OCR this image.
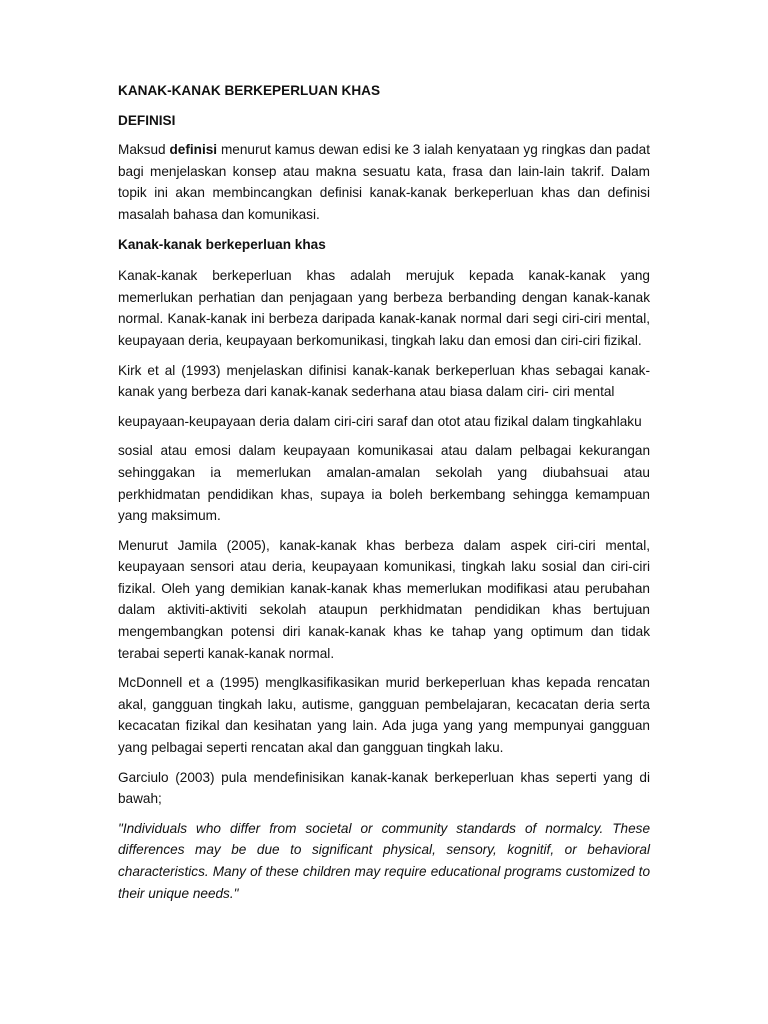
KANAK-KANAK BERKEPERLUAN KHAS

DEFINISI

Maksud definisi menurut kamus dewan edisi ke 3 ialah kenyataan yg ringkas dan padat bagi menjelaskan konsep atau makna sesuatu kata, frasa dan lain-lain takrif. Dalam topik ini akan membincangkan definisi kanak-kanak berkeperluan khas dan definisi masalah bahasa dan komunikasi.

Kanak-kanak berkeperluan khas

Kanak-kanak berkeperluan khas adalah merujuk kepada kanak-kanak yang memerlukan perhatian dan penjagaan yang berbeza berbanding dengan kanak-kanak normal. Kanak-kanak ini berbeza daripada kanak-kanak normal dari segi ciri-ciri mental, keupayaan deria, keupayaan berkomunikasi, tingkah laku dan emosi dan ciri-ciri fizikal.

Kirk et al (1993) menjelaskan difinisi kanak-kanak berkeperluan khas sebagai kanak-kanak yang berbeza dari kanak-kanak sederhana atau biasa dalam ciri- ciri mental

keupayaan-keupayaan deria dalam ciri-ciri saraf dan otot atau fizikal dalam tingkahlaku

sosial atau emosi dalam keupayaan komunikasai atau dalam pelbagai kekurangan sehinggakan ia memerlukan amalan-amalan sekolah yang diubahsuai atau perkhidmatan pendidikan khas, supaya ia boleh berkembang sehingga kemampuan yang maksimum.

Menurut Jamila (2005), kanak-kanak khas berbeza dalam aspek ciri-ciri mental, keupayaan sensori atau deria, keupayaan komunikasi, tingkah laku sosial dan ciri-ciri fizikal. Oleh yang demikian kanak-kanak khas memerlukan modifikasi atau perubahan dalam aktiviti-aktiviti sekolah ataupun perkhidmatan pendidikan khas bertujuan mengembangkan potensi diri kanak-kanak khas ke tahap yang optimum dan tidak terabai seperti kanak-kanak normal.

McDonnell et a (1995) menglkasifikasikan murid berkeperluan khas kepada rencatan akal, gangguan tingkah laku, autisme, gangguan pembelajaran, kecacatan deria serta kecacatan fizikal dan kesihatan yang lain. Ada juga yang yang mempunyai gangguan yang pelbagai seperti rencatan akal dan gangguan tingkah laku.

Garciulo (2003) pula mendefinisikan kanak-kanak berkeperluan khas seperti yang di bawah;

"Individuals who differ from societal or community standards of normalcy. These differences may be due to significant physical, sensory, kognitif, or behavioral characteristics. Many of these children may require educational programs customized to their unique needs."
